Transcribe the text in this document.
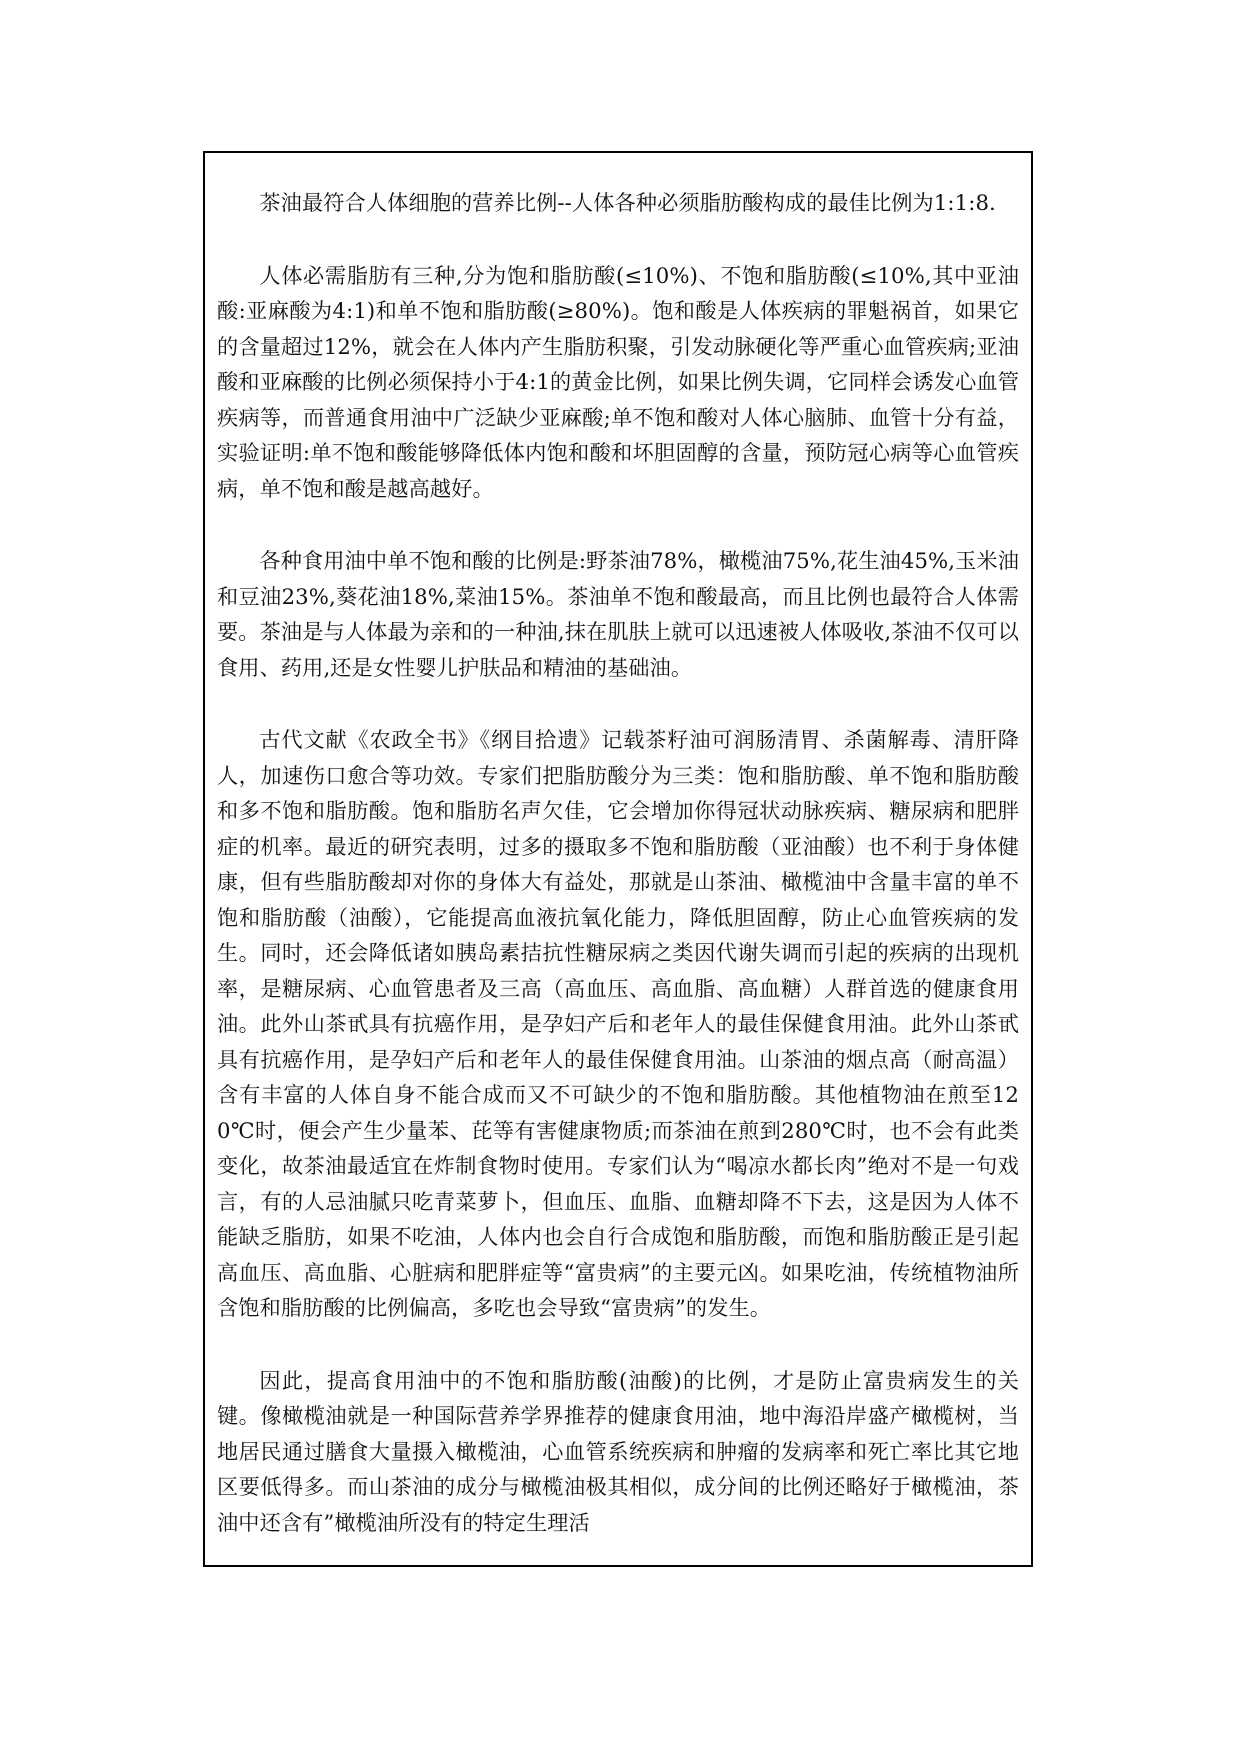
茶油最符合人体细胞的营养比例--人体各种必须脂肪酸构成的最佳比例为1:1:8.

人体必需脂肪有三种,分为饱和脂肪酸(≤10%)、不饱和脂肪酸(≤10%,其中亚油酸:亚麻酸为4:1)和单不饱和脂肪酸(≥80%)。饱和酸是人体疾病的罪魁祸首，如果它的含量超过12%，就会在人体内产生脂肪积聚，引发动脉硬化等严重心血管疾病;亚油酸和亚麻酸的比例必须保持小于4:1的黄金比例，如果比例失调，它同样会诱发心血管疾病等，而普通食用油中广泛缺少亚麻酸;单不饱和酸对人体心脑肺、血管十分有益，实验证明:单不饱和酸能够降低体内饱和酸和坏胆固醇的含量，预防冠心病等心血管疾病，单不饱和酸是越高越好。

各种食用油中单不饱和酸的比例是:野茶油78%，橄榄油75%,花生油45%,玉米油和豆油23%,葵花油18%,菜油15%。茶油单不饱和酸最高，而且比例也最符合人体需要。茶油是与人体最为亲和的一种油,抹在肌肤上就可以迅速被人体吸收,茶油不仅可以食用、药用,还是女性婴儿护肤品和精油的基础油。

古代文献《农政全书》《纲目拾遗》记载茶籽油可润肠清胃、杀菌解毒、清肝降人，加速伤口愈合等功效。专家们把脂肪酸分为三类：饱和脂肪酸、单不饱和脂肪酸和多不饱和脂肪酸。饱和脂肪名声欠佳，它会增加你得冠状动脉疾病、糖尿病和肥胖症的机率。最近的研究表明，过多的摄取多不饱和脂肪酸（亚油酸）也不利于身体健康，但有些脂肪酸却对你的身体大有益处，那就是山茶油、橄榄油中含量丰富的单不饱和脂肪酸（油酸），它能提高血液抗氧化能力，降低胆固醇，防止心血管疾病的发生。同时，还会降低诸如胰岛素拮抗性糖尿病之类因代谢失调而引起的疾病的出现机率，是糖尿病、心血管患者及三高（高血压、高血脂、高血糖）人群首选的健康食用油。此外山茶甙具有抗癌作用，是孕妇产后和老年人的最佳保健食用油。此外山茶甙具有抗癌作用，是孕妇产后和老年人的最佳保健食用油。山茶油的烟点高（耐高温）含有丰富的人体自身不能合成而又不可缺少的不饱和脂肪酸。其他植物油在煎至120℃时，便会产生少量苯、芘等有害健康物质;而茶油在煎到280℃时，也不会有此类变化，故茶油最适宜在炸制食物时使用。专家们认为“喝凉水都长肉”绝对不是一句戏言，有的人忌油腻只吃青菜萝卜，但血压、血脂、血糖却降不下去，这是因为人体不能缺乏脂肪，如果不吃油，人体内也会自行合成饱和脂肪酸，而饱和脂肪酸正是引起高血压、高血脂、心脏病和肥胖症等“富贵病”的主要元凶。如果吃油，传统植物油所含饱和脂肪酸的比例偏高，多吃也会导致“富贵病”的发生。

因此，提高食用油中的不饱和脂肪酸(油酸)的比例，才是防止富贵病发生的关键。像橄榄油就是一种国际营养学界推荐的健康食用油，地中海沿岸盛产橄榄树，当地居民通过膳食大量摄入橄榄油，心血管系统疾病和肿瘤的发病率和死亡率比其它地区要低得多。而山茶油的成分与橄榄油极其相似，成分间的比例还略好于橄榄油，茶油中还含有”橄榄油所没有的特定生理活
